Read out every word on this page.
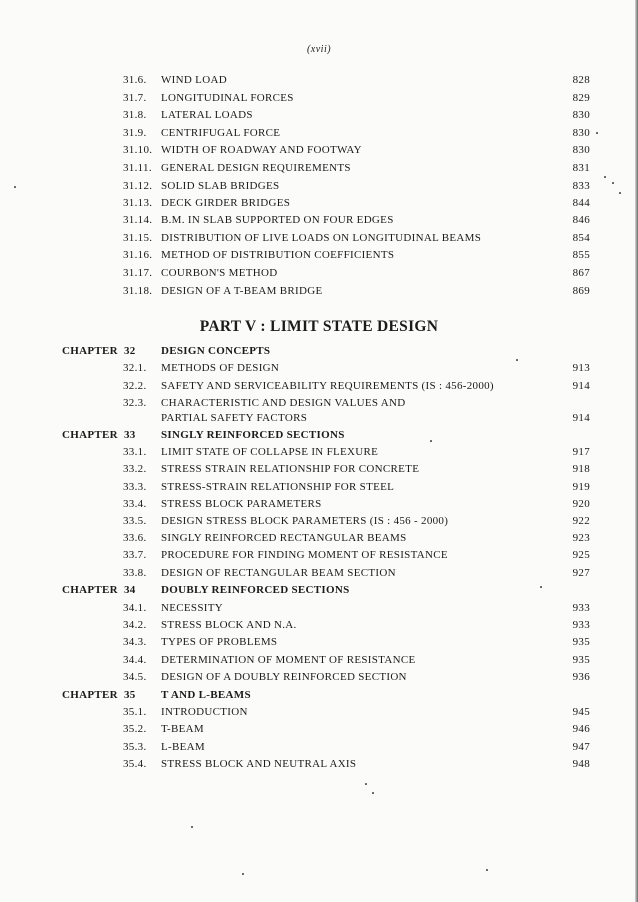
(xvii)
31.6.	WIND LOAD	828
31.7.	LONGITUDINAL FORCES	829
31.8.	LATERAL LOADS	830
31.9.	CENTRIFUGAL FORCE	830
31.10. WIDTH OF ROADWAY AND FOOTWAY	830
31.11. GENERAL DESIGN REQUIREMENTS	831
31.12. SOLID SLAB BRIDGES	833
31.13. DECK GIRDER BRIDGES	844
31.14. B.M. IN SLAB SUPPORTED ON FOUR EDGES	846
31.15. DISTRIBUTION OF LIVE LOADS ON LONGITUDINAL BEAMS	854
31.16. METHOD OF DISTRIBUTION COEFFICIENTS	855
31.17. COURBON'S METHOD	867
31.18. DESIGN OF A T-BEAM BRIDGE	869
CHAPTER 32 DESIGN CONCEPTS
32.1.	METHODS OF DESIGN	913
32.2.	SAFETY AND SERVICEABILITY REQUIREMENTS (IS : 456-2000)	914
32.3.	CHARACTERISTIC AND DESIGN VALUES AND
PARTIAL SAFETY FACTORS	914
CHAPTER 33 SINGLY REINFORCED SECTIONS
33.1.	LIMIT STATE OF COLLAPSE IN FLEXURE	917
33.2.	STRESS STRAIN RELATIONSHIP FOR CONCRETE	918
33.3.	STRESS-STRAIN RELATIONSHIP FOR STEEL	919
33.4.	STRESS BLOCK PARAMETERS	920
33.5.	DESIGN STRESS BLOCK PARAMETERS (IS : 456 - 2000)	922
33.6.	SINGLY REINFORCED RECTANGULAR BEAMS	923
33.7.	PROCEDURE FOR FINDING MOMENT OF RESISTANCE	925
33.8.	DESIGN OF RECTANGULAR BEAM SECTION	927
CHAPTER 34 DOUBLY REINFORCED SECTIONS
34.1.	NECESSITY	933
34.2.	STRESS BLOCK AND N.A.	933
34.3.	TYPES OF PROBLEMS	935
34.4.	DETERMINATION OF MOMENT OF RESISTANCE	935
34.5.	DESIGN OF A DOUBLY REINFORCED SECTION	936
CHAPTER 35 T AND L-BEAMS
35.1.	INTRODUCTION	945
35.2.	T-BEAM	946
35.3.	L-BEAM	947
35.4.	STRESS BLOCK AND NEUTRAL AXIS	948
PART V : LIMIT STATE DESIGN
